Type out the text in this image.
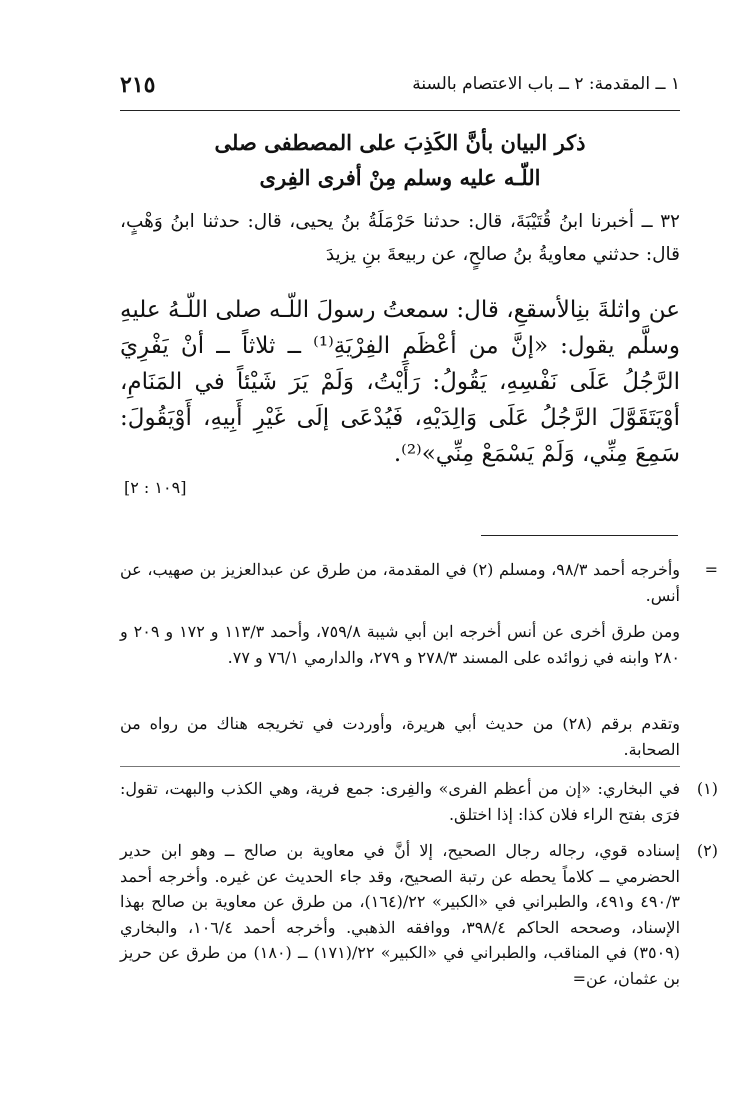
١ ــ المقدمة: ٢ ــ باب الاعتصام بالسنة
٢١٥
ذكر البيان بأنَّ الكَذِبَ على المصطفى صلى
اللّـه عليه وسلم مِنْ أفرى الفِرى
٣٢ ــ أخبرنا ابنُ قُتَيْبَةَ، قال: حدثنا حَرْمَلَةُ بنُ يحيى، قال: حدثنا ابنُ وَهْبٍ، قال: حدثني معاويةُ بنُ صالحٍ، عن ربيعةَ بنِ يزيدَ
عن واثلةَ بنِالأسقعِ، قال: سمعتُ رسولَ اللّـه صلى اللّـهُ عليهِ وسلَّم يقول: «إنَّ من أعْظَمِ الفِرْيَةِ⁽¹⁾ ــ ثلاثاً ــ أنْ يَفْرِيَ الرَّجُلُ عَلَى نَفْسِهِ، يَقُولُ: رَأَيْتُ، وَلَمْ يَرَ شَيْئاً في المَنَامِ، أوْيَتَقَوَّلَ الرَّجُلُ عَلَى وَالِدَيْهِ، فَيُدْعَى إلَى غَيْرِ أَبِيهِ، أَوْيَقُولَ: سَمِعَ مِنِّي، وَلَمْ يَسْمَعْ مِنِّي»⁽²⁾.
[١٠٩ : ٢]
=
وأخرجه أحمد ٩٨/٣، ومسلم (٢) في المقدمة، من طرق عن عبدالعزيز بن صهيب، عن أنس.
ومن طرق أخرى عن أنس أخرجه ابن أبي شيبة ٧٥٩/٨، وأحمد ١١٣/٣ و ١٧٢ و ٢٠٩ و ٢٨٠ وابنه في زوائده على المسند ٢٧٨/٣ و ٢٧٩، والدارمي ٧٦/١ و ٧٧.
وتقدم برقم (٢٨) من حديث أبي هريرة، وأوردت في تخريجه هناك من رواه من الصحابة.
(١)
في البخاري: «إن من أعظم الفرى» والفِرى: جمع فرية، وهي الكذب والبهت، تقول: فرَى بفتح الراء فلان كذا: إذا اختلق.
(٢)
إسناده قوي، رجاله رجال الصحيح، إلا أنَّ في معاوية بن صالح ــ وهو ابن حدير الحضرمي ــ كلاماً يحطه عن رتبة الصحيح، وقد جاء الحديث عن غيره. وأخرجه أحمد ٤٩٠/٣ و٤٩١، والطبراني في «الكبير» ٢٢/(١٦٤)، من طرق عن معاوية بن صالح بهذا الإسناد، وصححه الحاكم ٣٩٨/٤، ووافقه الذهبي. وأخرجه أحمد ١٠٦/٤، والبخاري (٣٥٠٩) في المناقب، والطبراني في «الكبير» ٢٢/(١٧١) ــ (١٨٠) من طرق عن حريز بن عثمان، عن=
